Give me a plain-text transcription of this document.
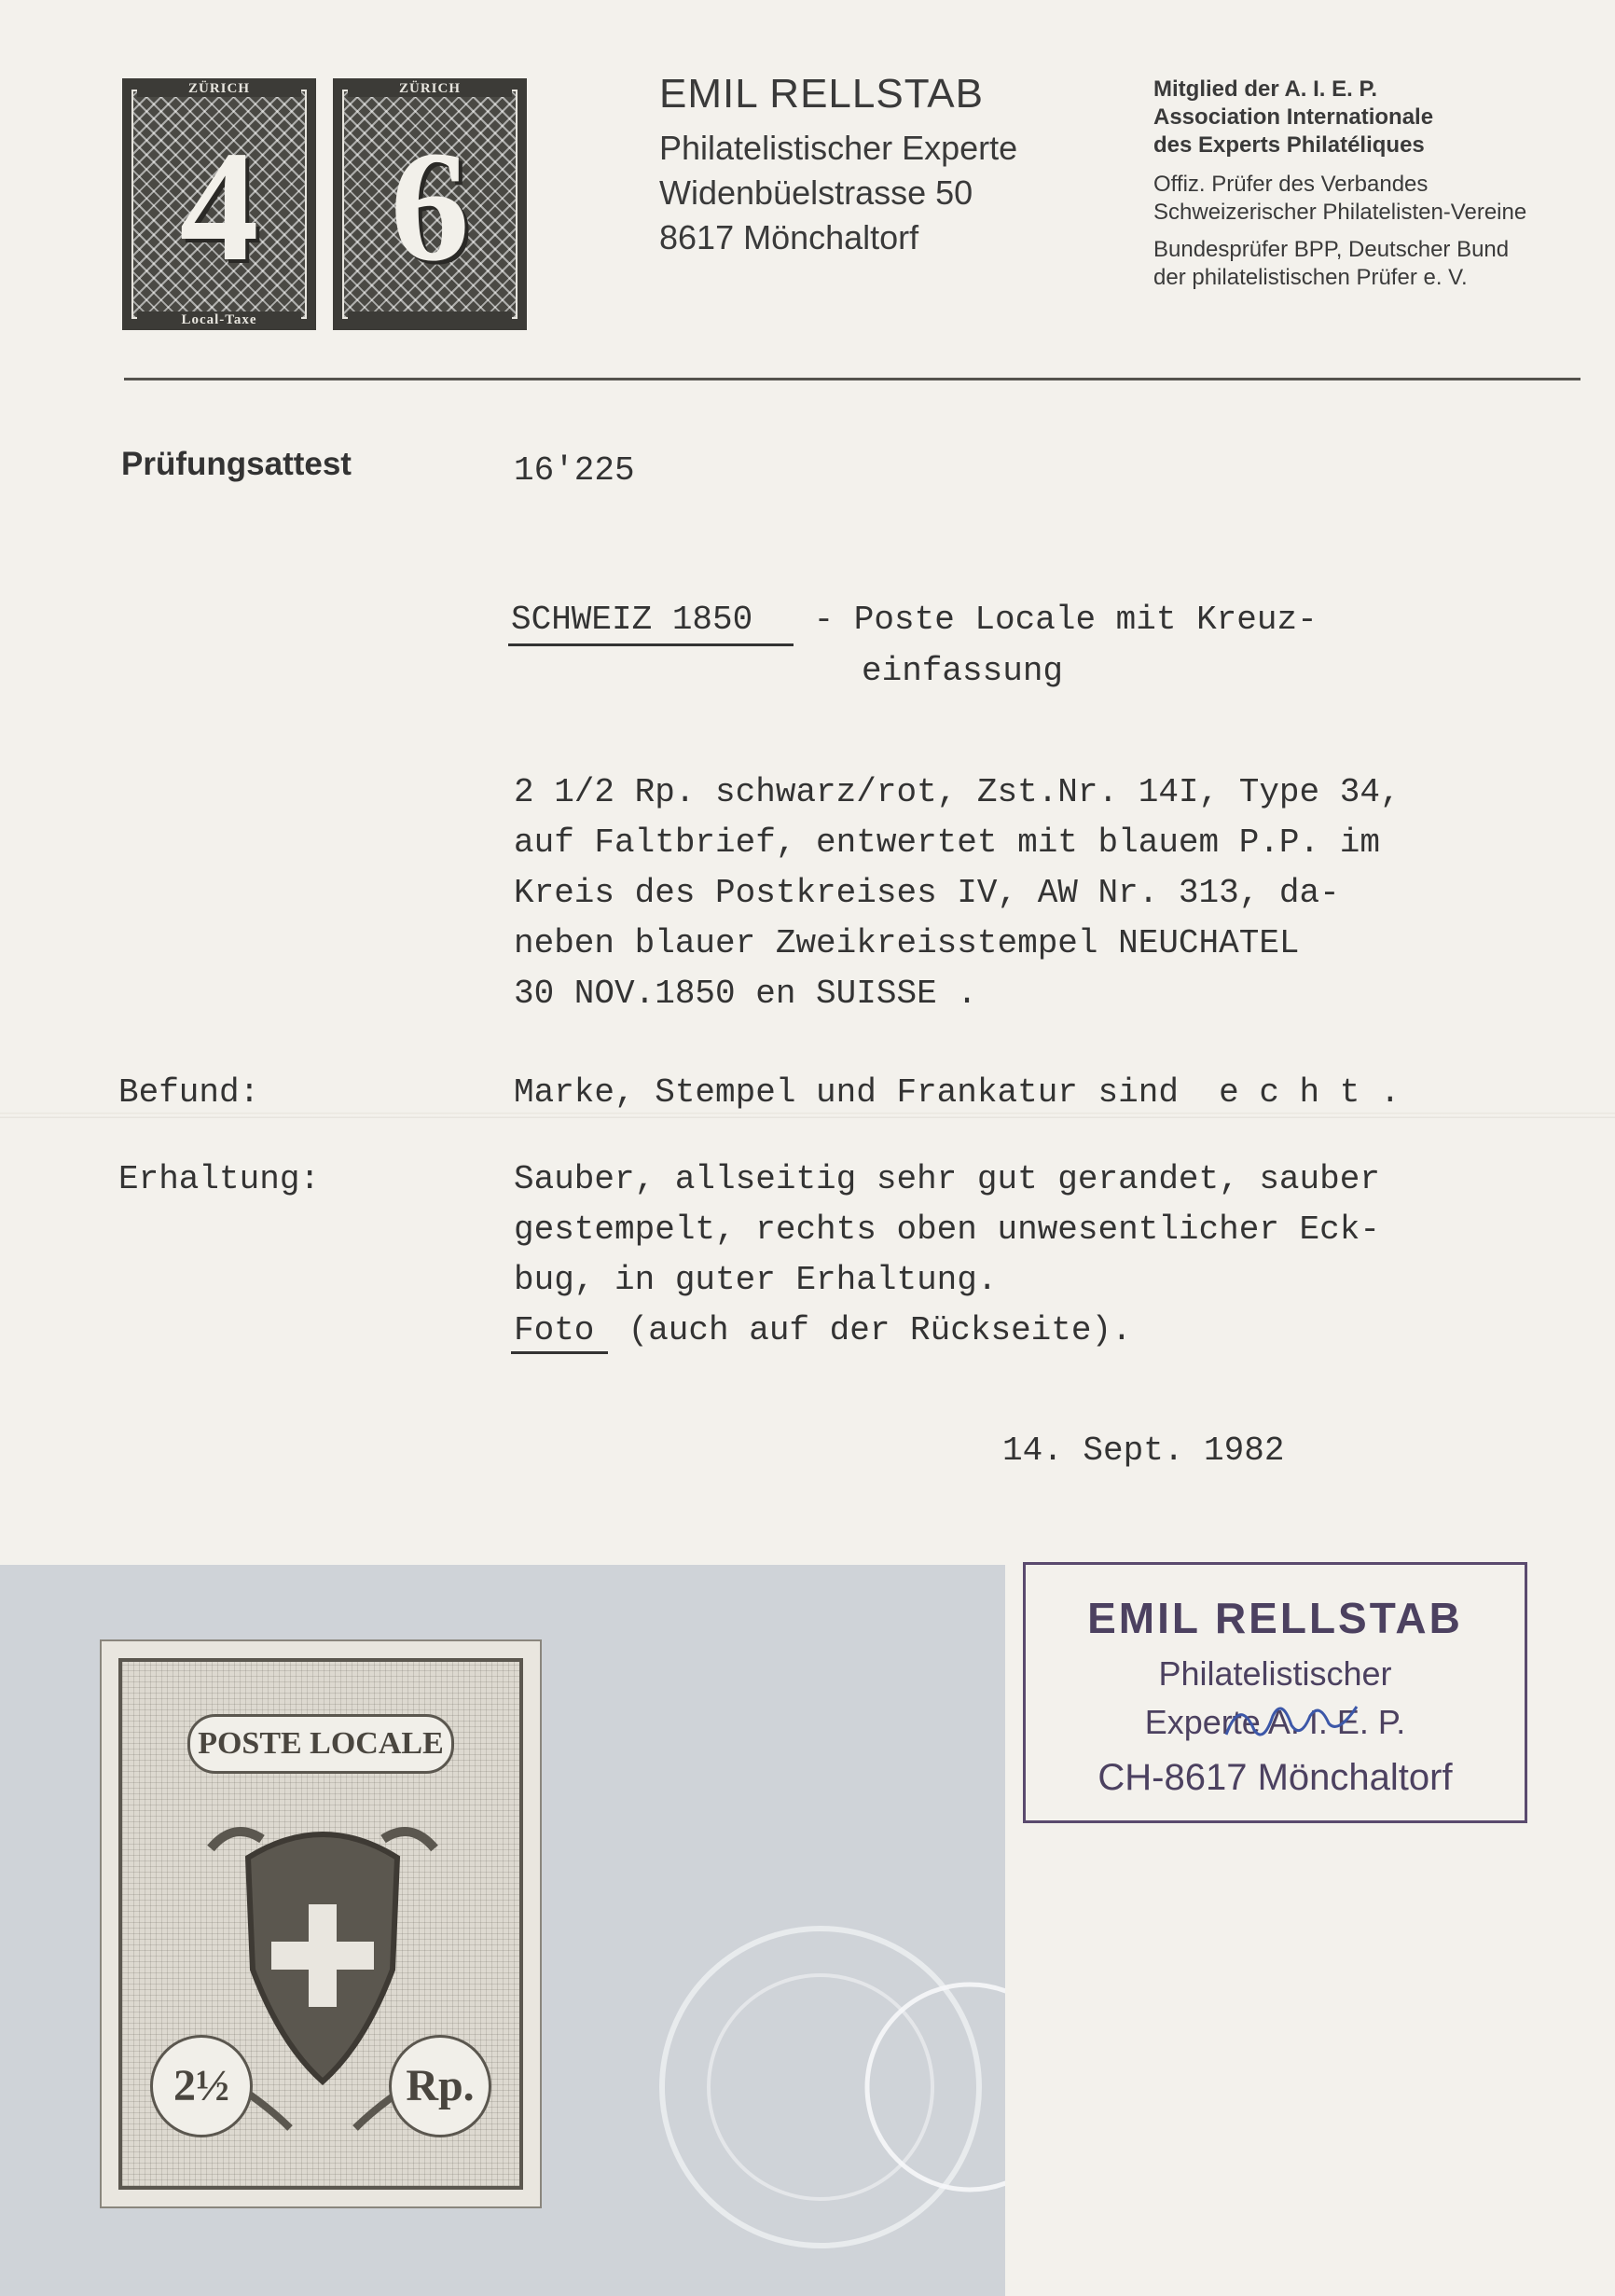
ZÜRICH
4
Local-Taxe
ZÜRICH
6
EMIL RELLSTAB
Philatelistischer Experte
Widenbüelstrasse 50
8617 Mönchaltorf
Mitglied der A. I. E. P.
Association Internationale
des Experts Philatéliques
Offiz. Prüfer des Verbandes
Schweizerischer Philatelisten-Vereine
Bundesprüfer BPP, Deutscher Bund
der philatelistischen Prüfer e. V.
Prüfungsattest	16'225
SCHWEIZ 1850 - Poste Locale mit Kreuz-
einfassung
2 1/2 Rp. schwarz/rot, Zst.Nr. 14I, Type 34,
auf Faltbrief, entwertet mit blauem P.P. im
Kreis des Postkreises IV, AW Nr. 313, da-
neben blauer Zweikreisstempel NEUCHATEL
30 NOV.1850 en SUISSE .
Befund:	Marke, Stempel und Frankatur sind  e c h t .
Erhaltung:	Sauber, allseitig sehr gut gerandet, sauber
gestempelt, rechts oben unwesentlicher Eck-
bug, in guter Erhaltung.
Foto (auch auf der Rückseite).
14. Sept. 1982
POSTE LOCALE
2½	Rp.
EMIL RELLSTAB
Philatelistischer
Experte A. I. E. P.
CH-8617 Mönchaltorf
